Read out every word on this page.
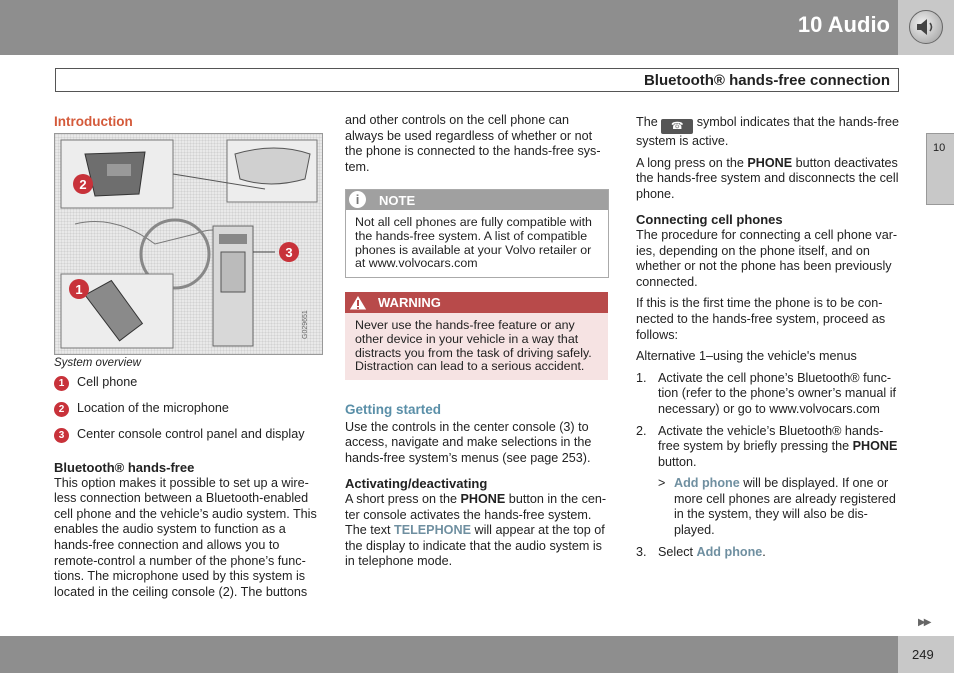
10 Audio
Bluetooth® hands-free connection
10
Introduction
2
3
1
G029651
System overview
1	Cell phone
2	Location of the microphone
3	Center console control panel and display
Bluetooth® hands-free

This option makes it possible to set up a wire-less connection between a Bluetooth-enabled cell phone and the vehicle’s audio system. This enables the audio system to function as a hands-free connection and allows you to remote-control a number of the phone’s func-tions. The microphone used by this system is located in the ceiling console (2). The buttons

and other controls on the cell phone can always be used regardless of whether or not the phone is connected to the hands-free sys-tem.

i	NOTE
Not all cell phones are fully compatible with the hands-free system. A list of compatible phones is available at your Volvo retailer or at www.volvocars.com
WARNING
Never use the hands-free feature or any other device in your vehicle in a way that distracts you from the task of driving safely. Distraction can lead to a serious accident.
Getting started

Use the controls in the center console (3) to access, navigate and make selections in the hands-free system’s menus (see page 253).

Activating/deactivating

A short press on the PHONE button in the cen-ter console activates the hands-free system. The text TELEPHONE will appear at the top of the display to indicate that the audio system is in telephone mode.

The ☎ symbol indicates that the hands-free system is active.

A long press on the PHONE button deactivates the hands-free system and disconnects the cell phone.

Connecting cell phones

The procedure for connecting a cell phone var-ies, depending on the phone itself, and on whether or not the phone has been previously connected.

If this is the first time the phone is to be con-nected to the hands-free system, proceed as follows:

Alternative 1–using the vehicle's menus

1. Activate the cell phone’s Bluetooth® func-tion (refer to the phone’s owner’s manual if necessary) or go to www.volvocars.com
2. Activate the vehicle’s Bluetooth® hands-free system by briefly pressing the PHONE button.
> Add phone will be displayed. If one or more cell phones are already registered in the system, they will also be dis-played.
3. Select Add phone.
▶▶
249
